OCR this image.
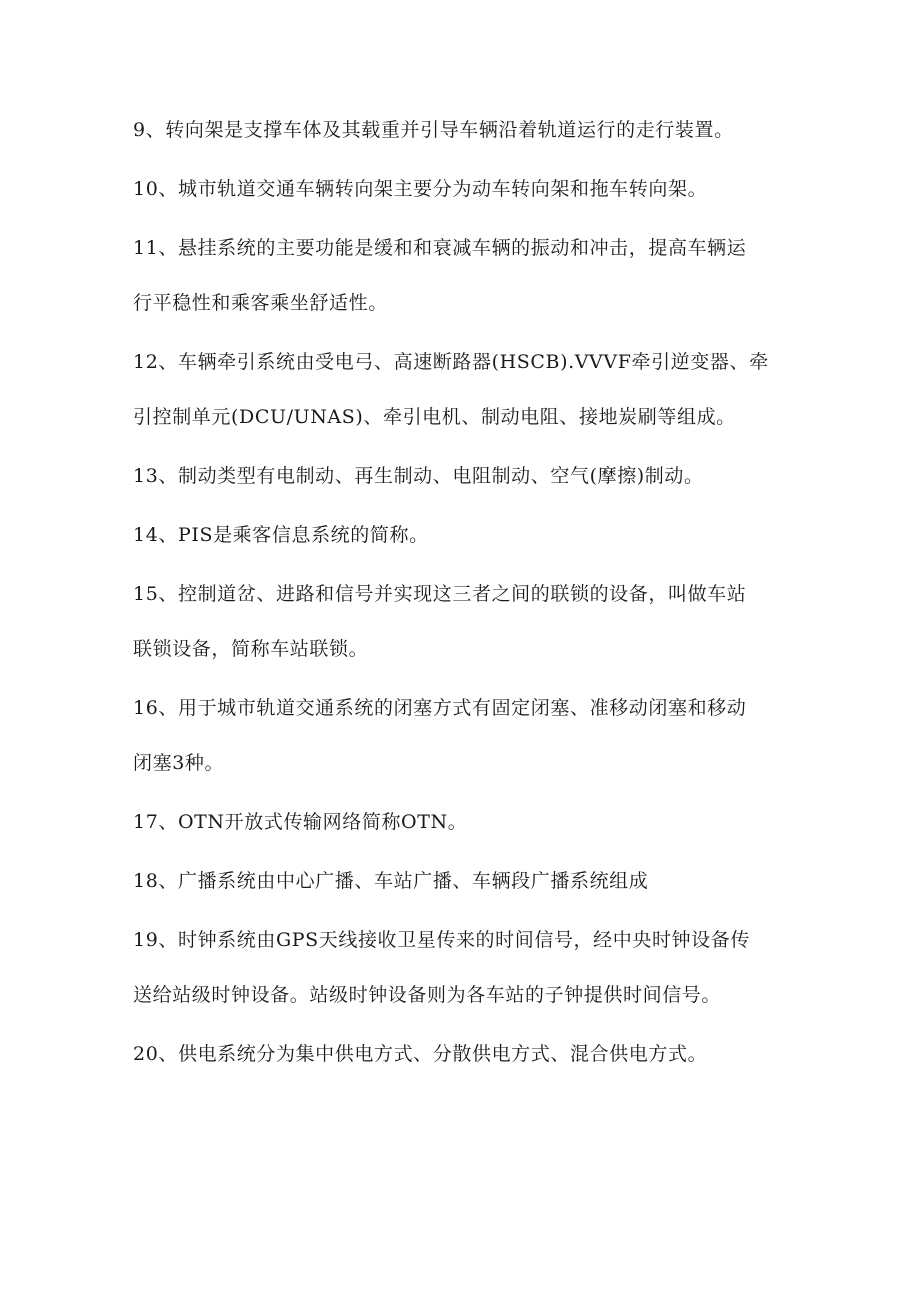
9、转向架是支撑车体及其载重并引导车辆沿着轨道运行的走行装置。
10、城市轨道交通车辆转向架主要分为动车转向架和拖车转向架。
11、悬挂系统的主要功能是缓和和衰减车辆的振动和冲击，提高车辆运
行平稳性和乘客乘坐舒适性。
12、车辆牵引系统由受电弓、高速断路器(HSCB).VVVF牵引逆变器、牵
引控制单元(DCU/UNAS)、牵引电机、制动电阻、接地炭刷等组成。
13、制动类型有电制动、再生制动、电阻制动、空气(摩擦)制动。
14、PIS是乘客信息系统的简称。
15、控制道岔、进路和信号并实现这三者之间的联锁的设备，叫做车站
联锁设备，简称车站联锁。
16、用于城市轨道交通系统的闭塞方式有固定闭塞、准移动闭塞和移动
闭塞3种。
17、OTN开放式传输网络简称OTN。
18、广播系统由中心广播、车站广播、车辆段广播系统组成
19、时钟系统由GPS天线接收卫星传来的时间信号，经中央时钟设备传
送给站级时钟设备。站级时钟设备则为各车站的子钟提供时间信号。
20、供电系统分为集中供电方式、分散供电方式、混合供电方式。
